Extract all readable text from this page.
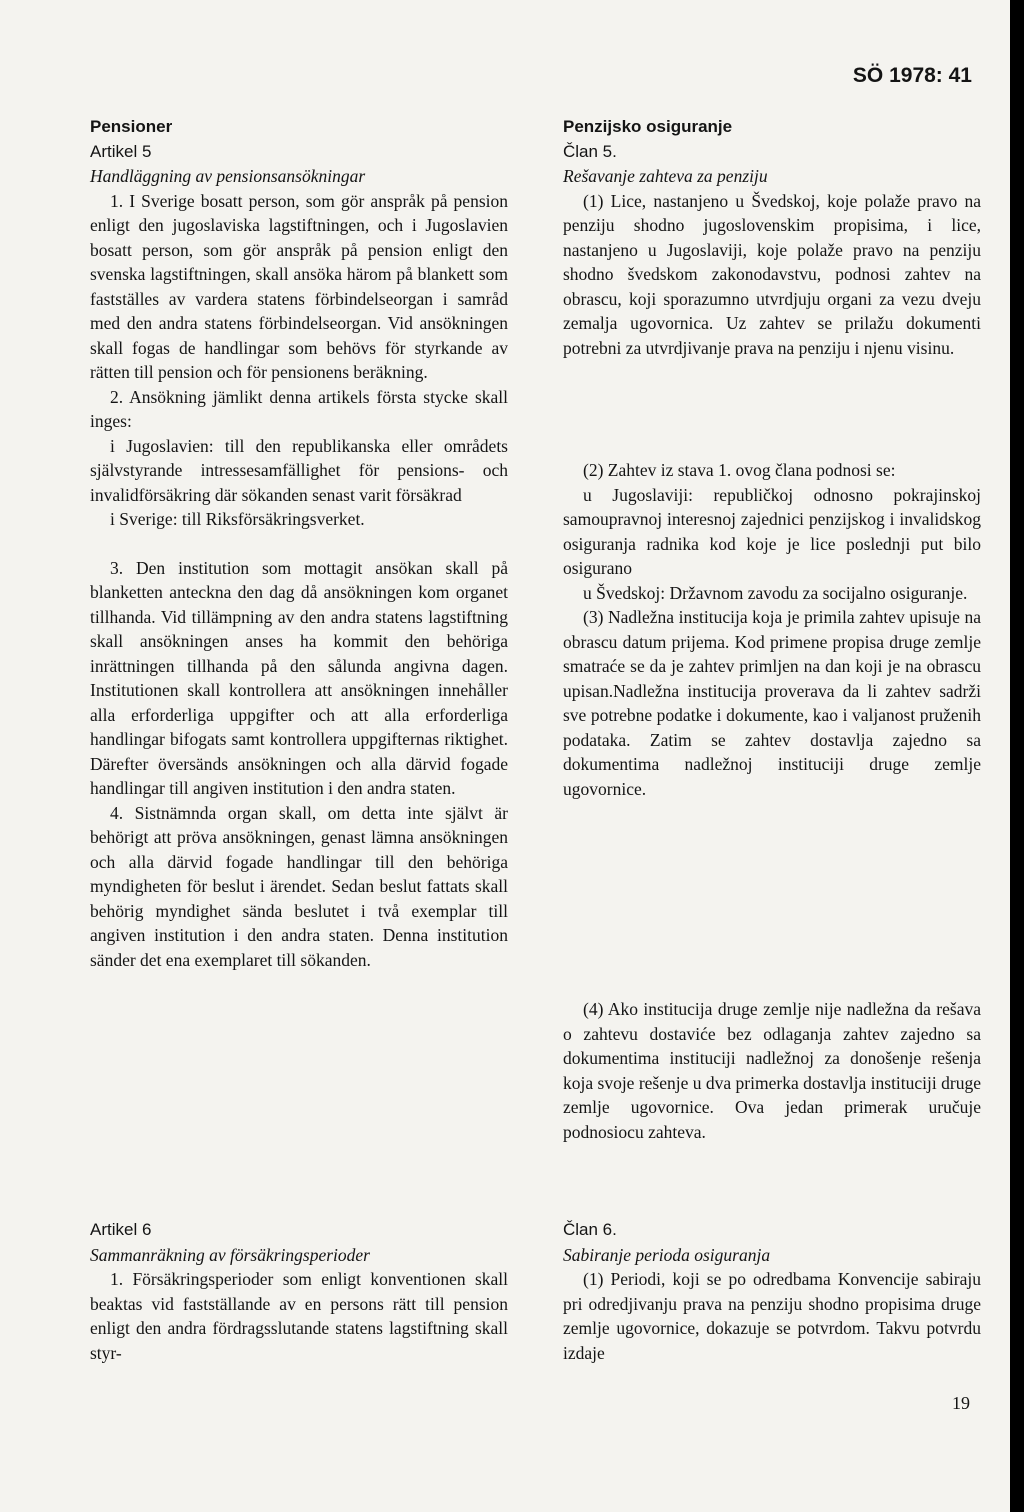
SÖ 1978: 41
Pensioner
Artikel 5
Handläggning av pensionsansökningar

1. I Sverige bosatt person, som gör anspråk på pension enligt den jugoslaviska lagstiftningen, och i Jugoslavien bosatt person, som gör anspråk på pension enligt den svenska lagstiftningen, skall ansöka härom på blankett som fastställes av vardera statens förbindelseorgan i samråd med den andra statens förbindelseorgan. Vid ansökningen skall fogas de handlingar som behövs för styrkande av rätten till pension och för pensionens beräkning.

2. Ansökning jämlikt denna artikels första stycke skall inges:

i Jugoslavien: till den republikanska eller områdets självstyrande intressesamfällighet för pensions- och invalidförsäkring där sökanden senast varit försäkrad

i Sverige: till Riksförsäkringsverket.

3. Den institution som mottagit ansökan skall på blanketten anteckna den dag då ansökningen kom organet tillhanda. Vid tillämpning av den andra statens lagstiftning skall ansökningen anses ha kommit den behöriga inrättningen tillhanda på den sålunda angivna dagen. Institutionen skall kontrollera att ansökningen innehåller alla erforderliga uppgifter och att alla erforderliga handlingar bifogats samt kontrollera uppgifternas riktighet. Därefter översänds ansökningen och alla därvid fogade handlingar till angiven institution i den andra staten.

4. Sistnämnda organ skall, om detta inte självt är behörigt att pröva ansökningen, genast lämna ansökningen och alla därvid fogade handlingar till den behöriga myndigheten för beslut i ärendet. Sedan beslut fattats skall behörig myndighet sända beslutet i två exemplar till angiven institution i den andra staten. Denna institution sänder det ena exemplaret till sökanden.

Artikel 6
Sammanräkning av försäkringsperioder

1. Försäkringsperioder som enligt konventionen skall beaktas vid fastställande av en persons rätt till pension enligt den andra fördragsslutande statens lagstiftning skall styr-

Penzijsko osiguranje
Član 5.
Rešavanje zahteva za penziju

(1) Lice, nastanjeno u Švedskoj, koje polaže pravo na penziju shodno jugoslovenskim propisima, i lice, nastanjeno u Jugoslaviji, koje polaže pravo na penziju shodno švedskom zakonodavstvu, podnosi zahtev na obrascu, koji sporazumno utvrdjuju organi za vezu dveju zemalja ugovornica. Uz zahtev se prilažu dokumenti potrebni za utvrdjivanje prava na penziju i njenu visinu.

(2) Zahtev iz stava 1. ovog člana podnosi se:

u Jugoslaviji: republičkoj odnosno pokrajinskoj samoupravnoj interesnoj zajednici penzijskog i invalidskog osiguranja radnika kod koje je lice poslednji put bilo osigurano

u Švedskoj: Državnom zavodu za socijalno osiguranje.

(3) Nadležna institucija koja je primila zahtev upisuje na obrascu datum prijema. Kod primene propisa druge zemlje smatraće se da je zahtev primljen na dan koji je na obrascu upisan.Nadležna institucija proverava da li zahtev sadrži sve potrebne podatke i dokumente, kao i valjanost pruženih podataka. Zatim se zahtev dostavlja zajedno sa dokumentima nadležnoj instituciji druge zemlje ugovornice.

(4) Ako institucija druge zemlje nije nadležna da rešava o zahtevu dostaviće bez odlaganja zahtev zajedno sa dokumentima instituciji nadležnoj za donošenje rešenja koja svoje rešenje u dva primerka dostavlja instituciji druge zemlje ugovornice. Ova jedan primerak uručuje podnosiocu zahteva.

Član 6.
Sabiranje perioda osiguranja

(1) Periodi, koji se po odredbama Konvencije sabiraju pri odredjivanju prava na penziju shodno propisima druge zemlje ugovornice, dokazuje se potvrdom. Takvu potvrdu izdaje

19
